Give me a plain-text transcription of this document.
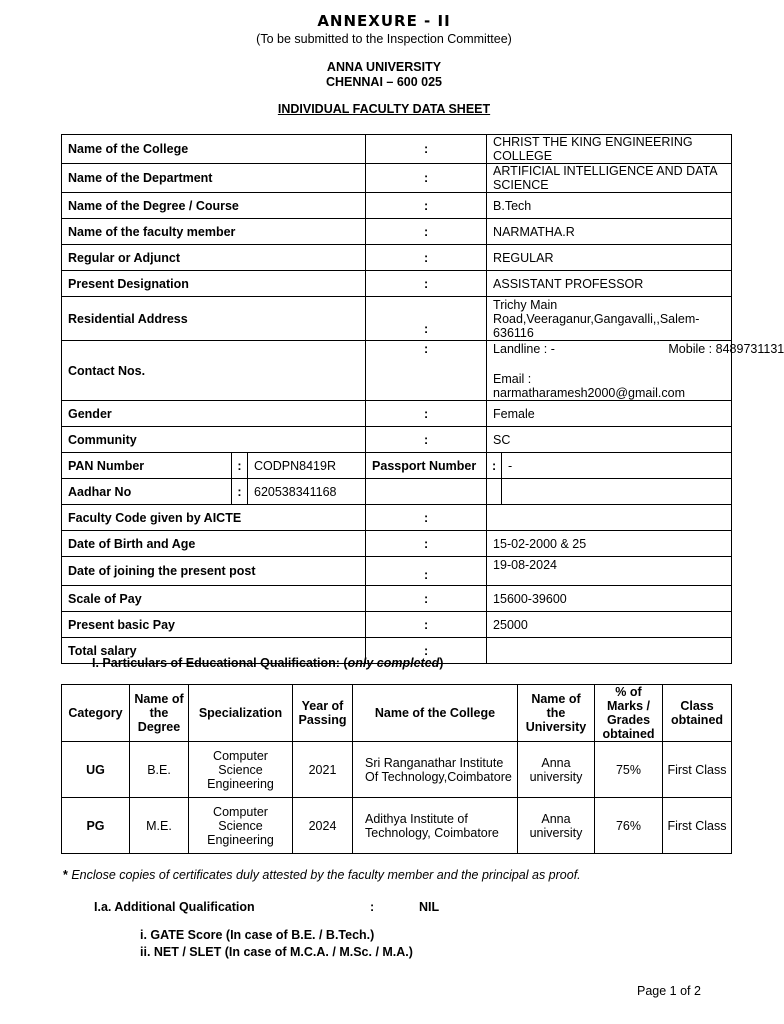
ANNEXURE - II
(To be submitted to the Inspection Committee)
ANNA UNIVERSITY
CHENNAI – 600 025
INDIVIDUAL FACULTY DATA SHEET
Name of the College			:	CHRIST THE KING ENGINEERING COLLEGE	
Name of the Department			:	ARTIFICIAL INTELLIGENCE AND DATA SCIENCE	
Name of the Degree / Course			:	B.Tech	
Name of the faculty member			:	NARMATHA.R	
Regular or Adjunct			:	REGULAR	
Present Designation			:	ASSISTANT PROFESSOR	
Residential Address			:	Trichy Main Road,Veeraganur,Gangavalli,,Salem-636116	
Contact Nos.			:	Landline : - Mobile : 8489731131
Email : narmatharamesh2000@gmail.com	

Gender			:	Female	
Community			:	SC	
PAN Number	:	CODPN8419R	Passport Number	:	-
Aadhar No	:	620538341168			
Faculty Code given by AICTE			:		
Date of Birth and Age			:	15-02-2000 & 25	
Date of joining the present post			:	19-08-2024	
Scale of Pay			:	15600-39600	
Present basic Pay			:	25000	
Total salary			:		
I. Particulars of Educational Qualification: (only completed)
Category	Name of the Degree	Specialization	Year of Passing	Name of the College	Name of the University	% of Marks / Grades obtained	Class obtained
UG	B.E.	Computer Science Engineering	2021	Sri Ranganathar Institute Of Technology,Coimbatore	Anna university	75%	First Class
PG	M.E.	Computer Science Engineering	2024	Adithya Institute of Technology, Coimbatore	Anna university	76%	First Class
* Enclose copies of certificates duly attested by the faculty member and the principal as proof.
I.a. Additional Qualification	:	NIL
i. GATE Score (In case of B.E. / B.Tech.)
ii. NET / SLET (In case of M.C.A. / M.Sc. / M.A.)
Page 1 of 2
